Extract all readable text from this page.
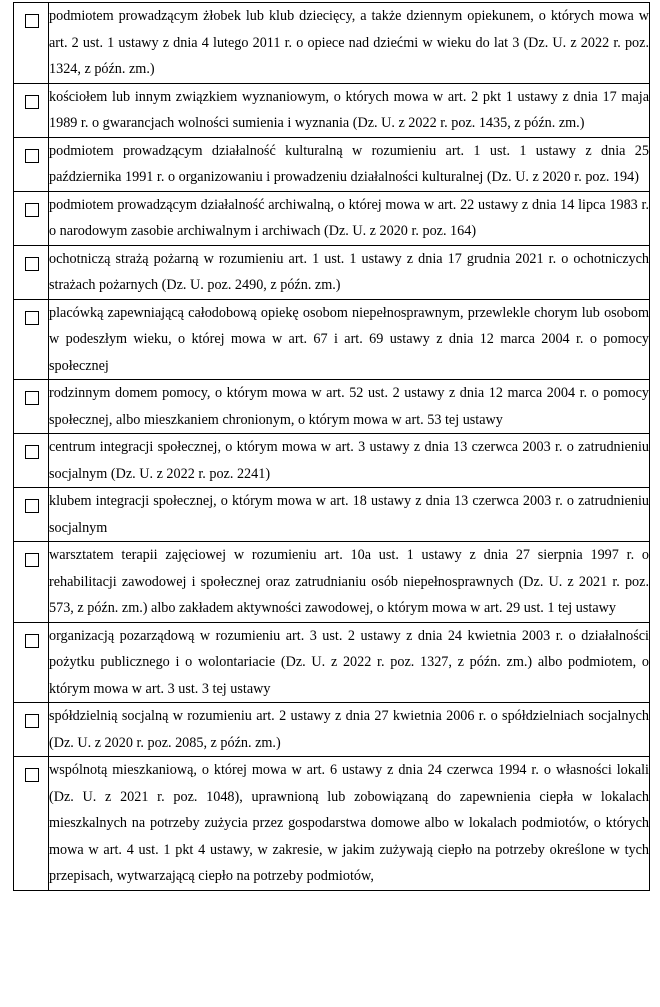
	podmiotem prowadzącym żłobek lub klub dziecięcy, a także dziennym opiekunem, o których mowa w art. 2 ust. 1 ustawy z dnia 4 lutego 2011 r. o opiece nad dziećmi w wieku do lat 3 (Dz. U. z 2022 r. poz. 1324, z późn. zm.)

	kościołem lub innym związkiem wyznaniowym, o których mowa w art. 2 pkt 1 ustawy z dnia 17 maja 1989 r. o gwarancjach wolności sumienia i wyznania (Dz. U. z 2022 r. poz. 1435, z późn. zm.)

	podmiotem prowadzącym działalność kulturalną w rozumieniu art. 1 ust. 1 ustawy z dnia 25 października 1991 r. o organizowaniu i prowadzeniu działalności kulturalnej (Dz. U. z 2020 r. poz. 194)

	podmiotem prowadzącym działalność archiwalną, o której mowa w art. 22 ustawy z dnia 14 lipca 1983 r. o narodowym zasobie archiwalnym i archiwach (Dz. U. z 2020 r. poz. 164)

	ochotniczą strażą pożarną w rozumieniu art. 1 ust. 1 ustawy z dnia 17 grudnia 2021 r. o ochotniczych strażach pożarnych (Dz. U. poz. 2490, z późn. zm.)

	placówką zapewniającą całodobową opiekę osobom niepełnosprawnym, przewlekle chorym lub osobom w podeszłym wieku, o której mowa w art. 67 i art. 69 ustawy z dnia 12 marca 2004 r. o pomocy społecznej

	rodzinnym domem pomocy, o którym mowa w art. 52 ust. 2 ustawy z dnia 12 marca 2004 r. o pomocy społecznej, albo mieszkaniem chronionym, o którym mowa w art. 53 tej ustawy

	centrum integracji społecznej, o którym mowa w art. 3 ustawy z dnia 13 czerwca 2003 r. o zatrudnieniu socjalnym (Dz. U. z 2022 r. poz. 2241)

	klubem integracji społecznej, o którym mowa w art. 18 ustawy z dnia 13 czerwca 2003 r. o zatrudnieniu socjalnym

	warsztatem terapii zajęciowej w rozumieniu art. 10a ust. 1 ustawy z dnia 27 sierpnia 1997 r. o rehabilitacji zawodowej i społecznej oraz zatrudnianiu osób niepełnosprawnych (Dz. U. z 2021 r. poz. 573, z późn. zm.) albo zakładem aktywności zawodowej, o którym mowa w art. 29 ust. 1 tej ustawy

	organizacją pozarządową w rozumieniu art. 3 ust. 2 ustawy z dnia 24 kwietnia 2003 r. o działalności pożytku publicznego i o wolontariacie (Dz. U. z 2022 r. poz. 1327, z późn. zm.) albo podmiotem, o którym mowa w art. 3 ust. 3 tej ustawy

	spółdzielnią socjalną w rozumieniu art. 2 ustawy z dnia 27 kwietnia 2006 r. o spółdzielniach socjalnych (Dz. U. z 2020 r. poz. 2085, z późn. zm.)

	wspólnotą mieszkaniową, o której mowa w art. 6 ustawy z dnia 24 czerwca 1994 r. o własności lokali (Dz. U. z 2021 r. poz. 1048), uprawnioną lub zobowiązaną do zapewnienia ciepła w lokalach mieszkalnych na potrzeby zużycia przez gospodarstwa domowe albo w lokalach podmiotów, o których mowa w art. 4 ust. 1 pkt 4 ustawy, w zakresie, w jakim zużywają ciepło na potrzeby określone w tych przepisach, wytwarzającą ciepło na potrzeby podmiotów,
